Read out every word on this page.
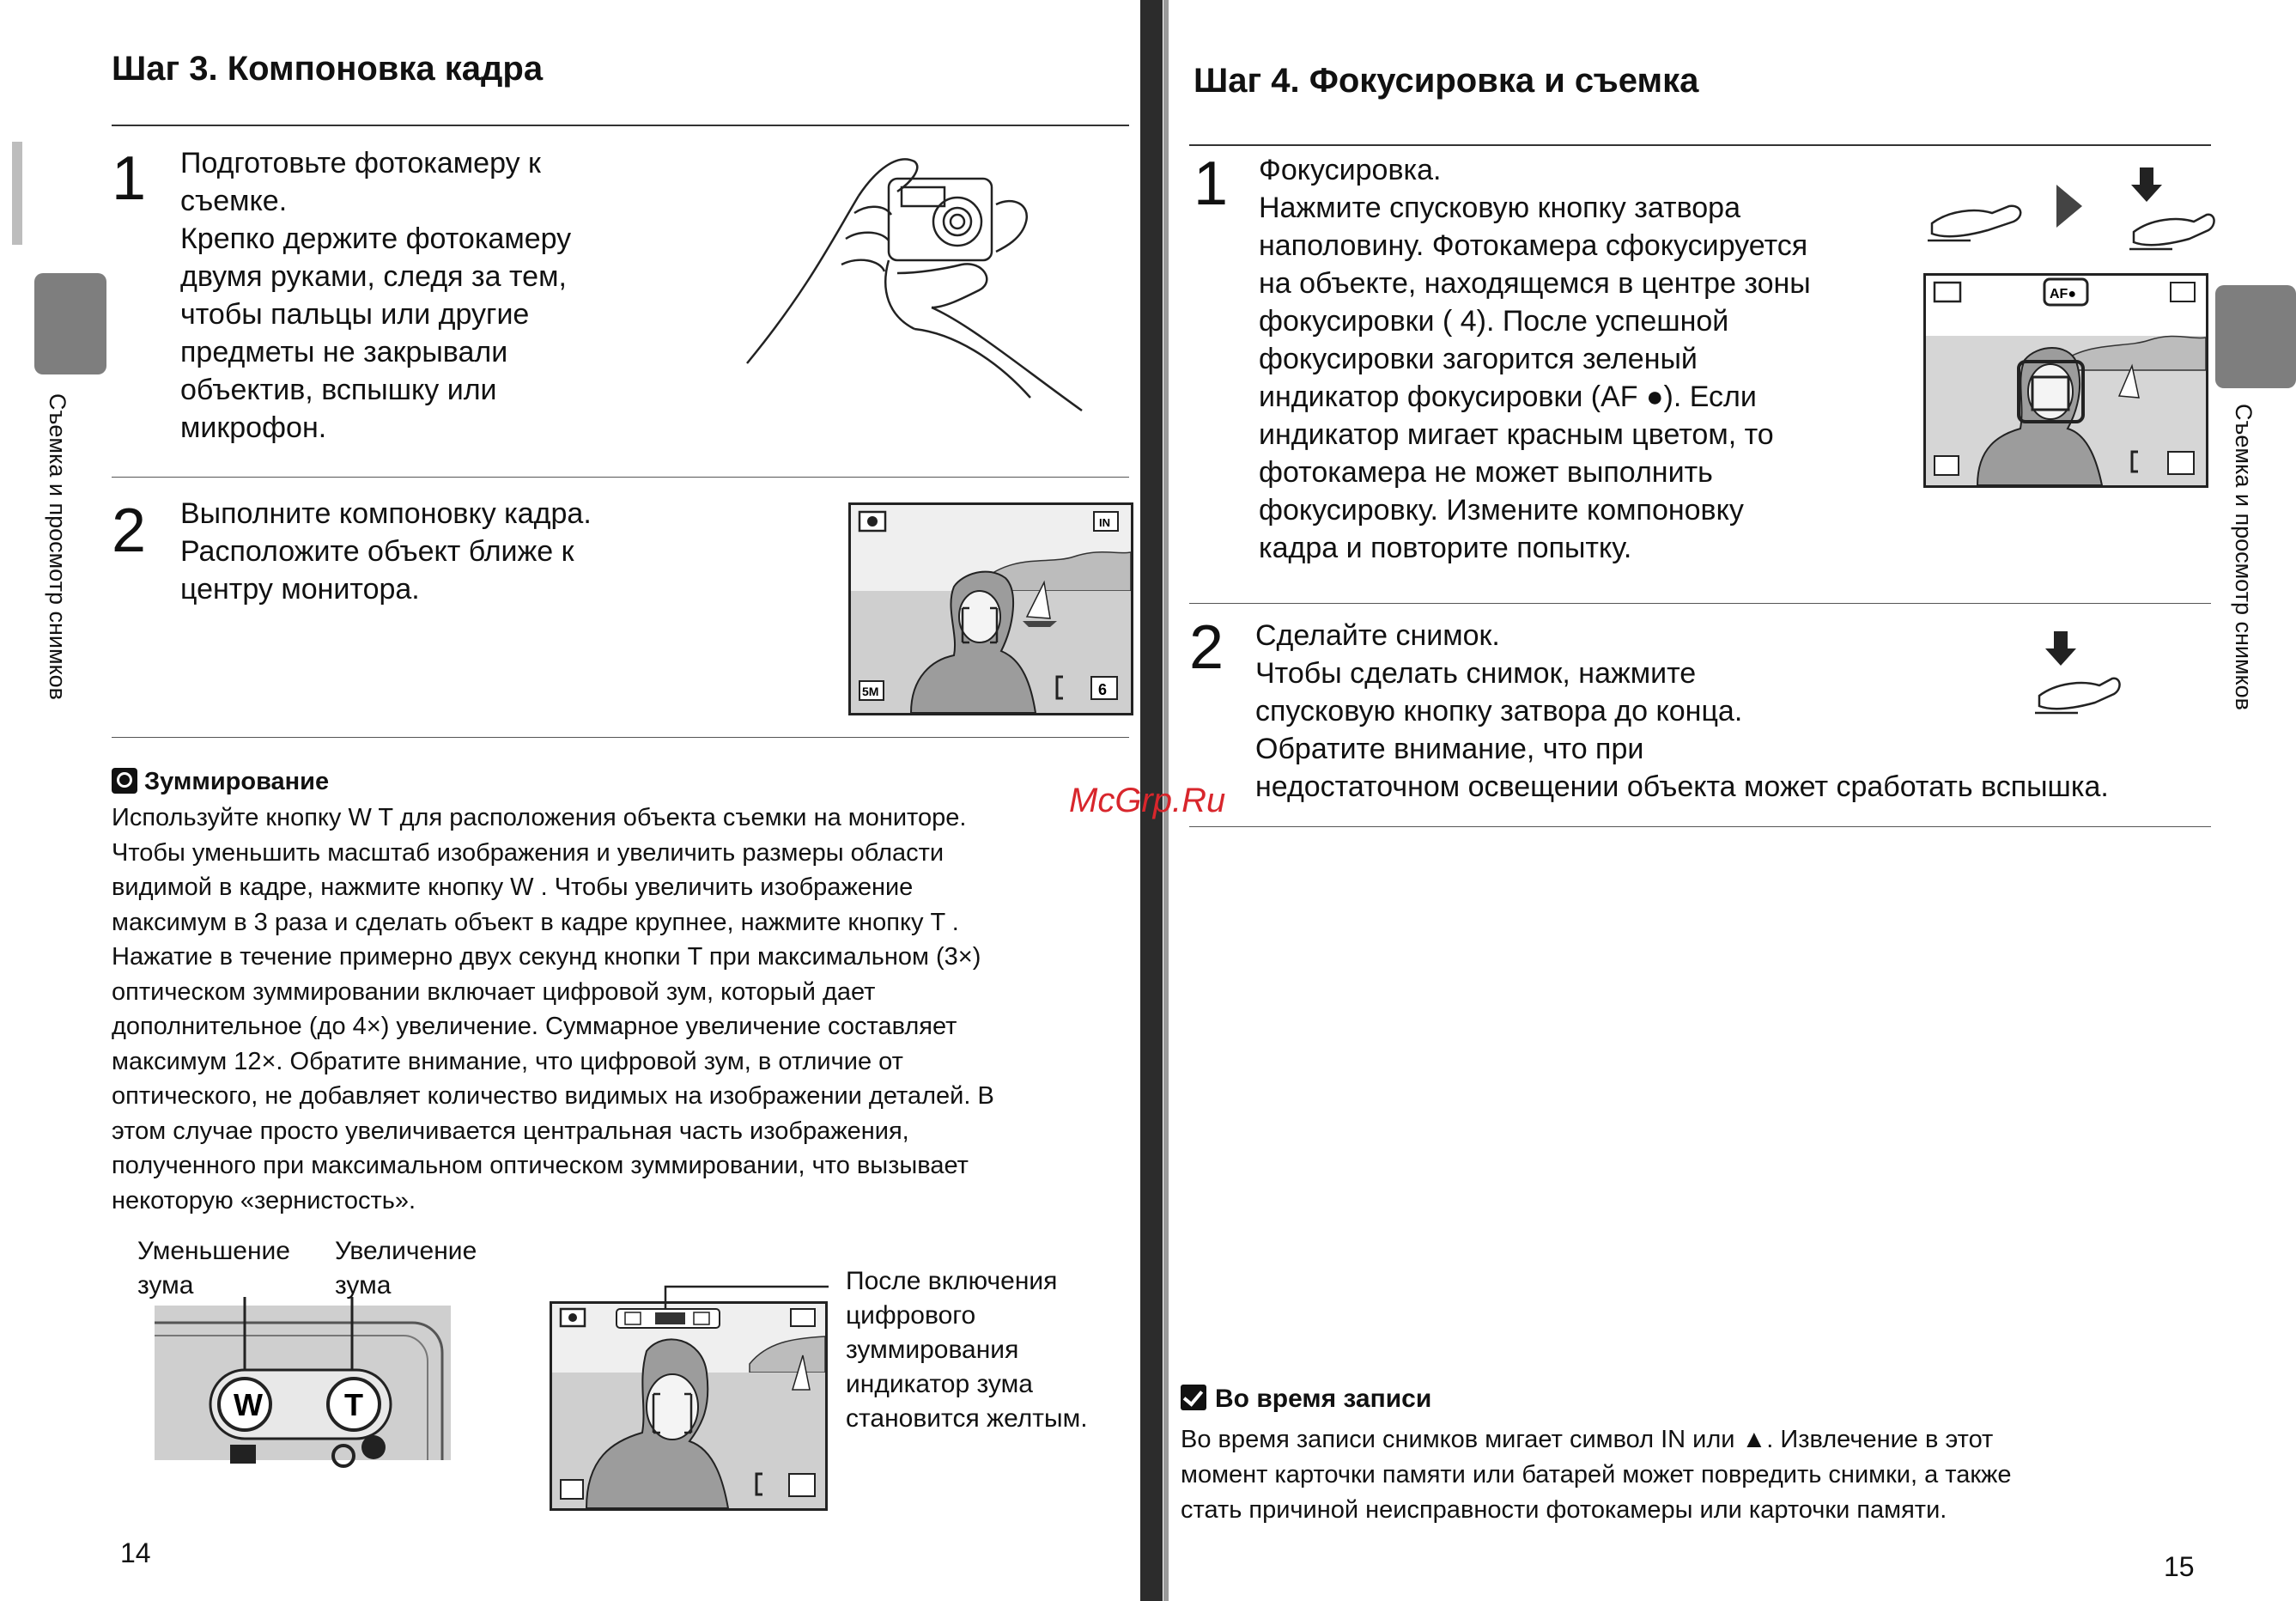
Шаг 3. Компоновка кадра
Съемка и просмотр снимков
1 Подготовьте фотокамеру к
съемке.
Крепко держите фотокамеру
двумя руками, следя за тем,
чтобы пальцы или другие
предметы не закрывали
объектив, вспышку или
микрофон.
2 Выполните компоновку кадра.
Расположите объект ближе к
центру монитора.
IN
5M	6
Зуммирование
Используйте кнопку W T для расположения объекта съемки на мониторе.
Чтобы уменьшить масштаб изображения и увеличить размеры области
видимой в кадре, нажмите кнопку W . Чтобы увеличить изображение
максимум в 3 раза и сделать объект в кадре крупнее, нажмите кнопку T .
Нажатие в течение примерно двух секунд кнопки T при максимальном (3×)
оптическом зуммировании включает цифровой зум, который дает
дополнительное (до 4×) увеличение. Суммарное увеличение составляет
максимум 12×. Обратите внимание, что цифровой зум, в отличие от
оптического, не добавляет количество видимых на изображении деталей. В
этом случае просто увеличивается центральная часть изображения,
полученного при максимальном оптическом зуммировании, что вызывает
некоторую «зернистость».
Уменьшение
зума
Увеличение
зума
W	T
После включения
цифрового
зуммирования
индикатор зума
становится желтым.
14
McGrp.Ru
Шаг 4. Фокусировка и съемка
Съемка и просмотр снимков
1 Фокусировка.
Нажмите спусковую кнопку затвора
наполовину. Фотокамера сфокусируется
на объекте, находящемся в центре зоны
фокусировки ( 4). После успешной
фокусировки загорится зеленый
индикатор фокусировки (AF ●). Если
индикатор мигает красным цветом, то
фотокамера не может выполнить
фокусировку. Измените компоновку
кадра и повторите попытку.
AF●
2 Сделайте снимок.
Чтобы сделать снимок, нажмите
спусковую кнопку затвора до конца.
Обратите внимание, что при
недостаточном освещении объекта может сработать вспышка.
Во время записи
Во время записи снимков мигает символ IN или ▲. Извлечение в этот
момент карточки памяти или батарей может повредить снимки, а также
стать причиной неисправности фотокамеры или карточки памяти.
15
